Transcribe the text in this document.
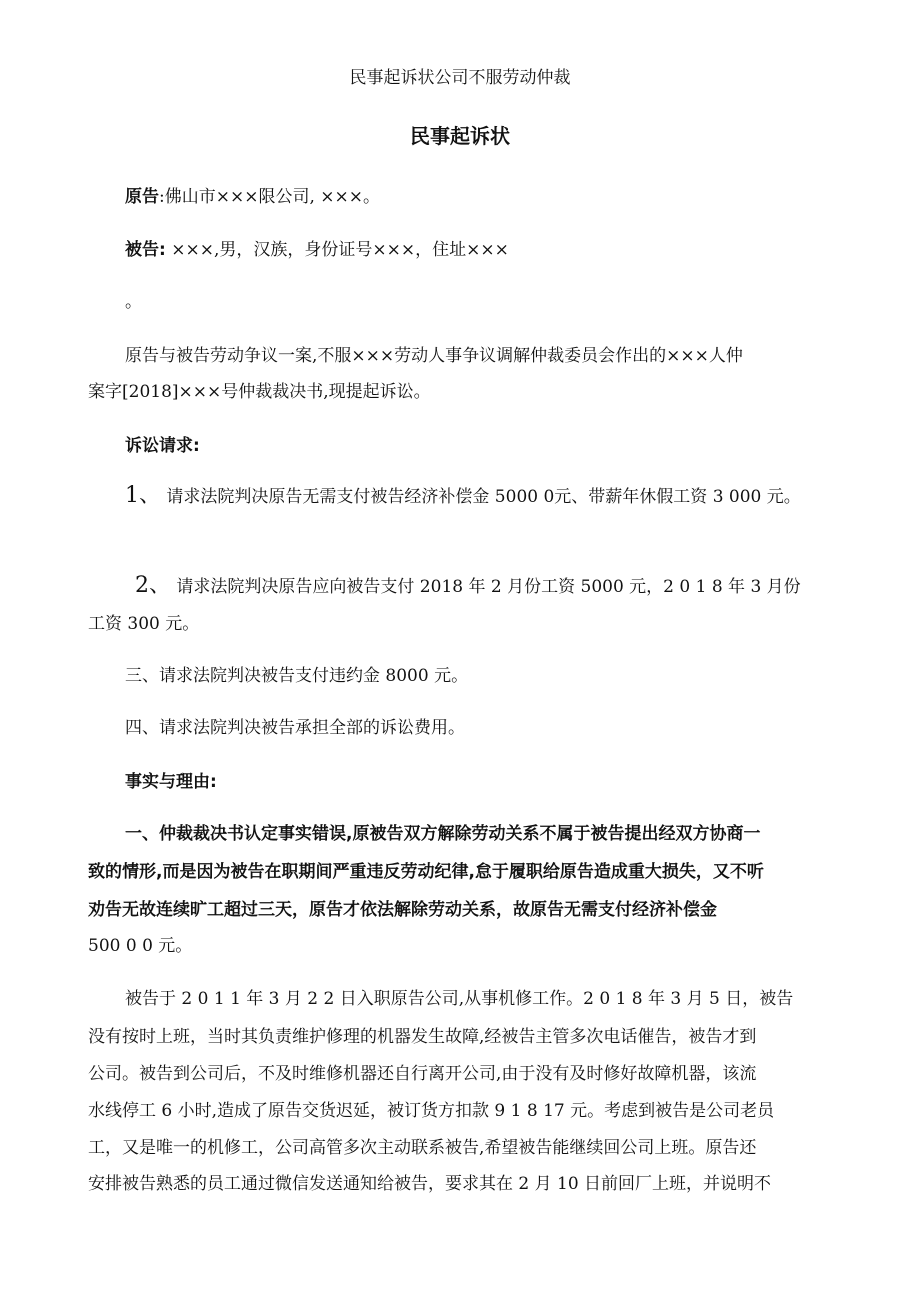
民事起诉状公司不服劳动仲裁
民事起诉状
原告:佛山市×××限公司, ×××。
被告: ×××,男，汉族，身份证号×××，住址×××
。
原告与被告劳动争议一案,不服×××劳动人事争议调解仲裁委员会作出的×××人仲
案字[2018]×××号仲裁裁决书,现提起诉讼。
诉讼请求:
1、 请求法院判决原告无需支付被告经济补偿金 5000 0元、带薪年休假工资 3 000 元。
2、 请求法院判决原告应向被告支付 2018 年 2 月份工资 5000 元，2 0 1 8 年 3 月份
工资 300 元。
三、请求法院判决被告支付违约金 8000 元。
四、请求法院判决被告承担全部的诉讼费用。
事实与理由:
一、仲裁裁决书认定事实错误,原被告双方解除劳动关系不属于被告提出经双方协商一
致的情形,而是因为被告在职期间严重违反劳动纪律,怠于履职给原告造成重大损失，又不听
劝告无故连续旷工超过三天，原告才依法解除劳动关系，故原告无需支付经济补偿金
500 0 0 元。
被告于 2 0 1 1 年 3 月 2 2 日入职原告公司,从事机修工作。2 0 1 8 年 3 月 5 日，被告
没有按时上班，当时其负责维护修理的机器发生故障,经被告主管多次电话催告，被告才到
公司。被告到公司后，不及时维修机器还自行离开公司,由于没有及时修好故障机器，该流
水线停工 6 小时,造成了原告交货迟延，被订货方扣款 9 1 8 17 元。考虑到被告是公司老员
工，又是唯一的机修工，公司高管多次主动联系被告,希望被告能继续回公司上班。原告还
安排被告熟悉的员工通过微信发送通知给被告，要求其在 2 月 10 日前回厂上班，并说明不
